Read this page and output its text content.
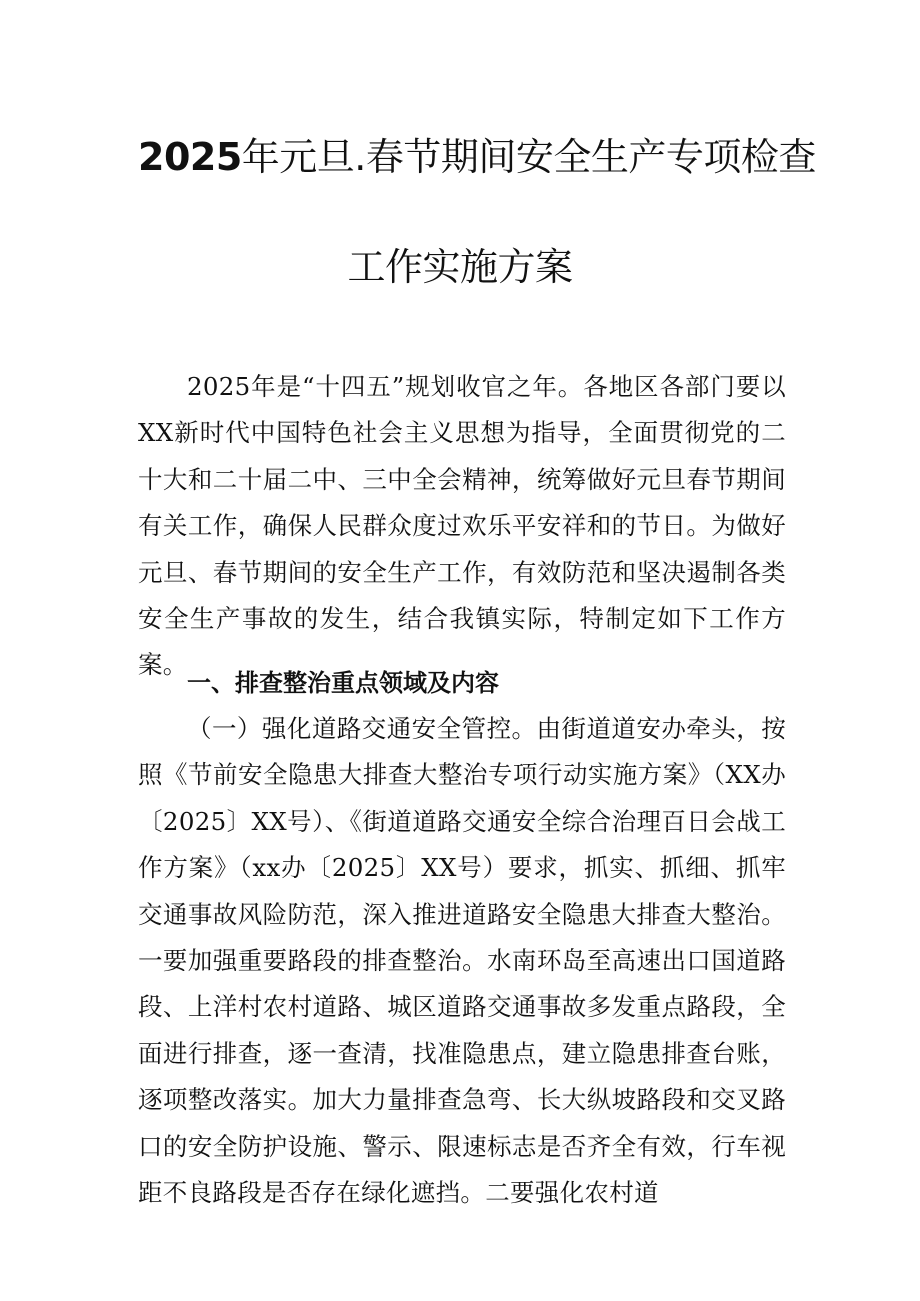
2025年元旦.春节期间安全生产专项检查
工作实施方案

2025年是“十四五”规划收官之年。各地区各部门要以XX新时代中国特色社会主义思想为指导，全面贯彻党的二十大和二十届二中、三中全会精神，统筹做好元旦春节期间有关工作，确保人民群众度过欢乐平安祥和的节日。为做好元旦、春节期间的安全生产工作，有效防范和坚决遏制各类安全生产事故的发生，结合我镇实际，特制定如下工作方案。

一、排查整治重点领域及内容

（一）强化道路交通安全管控。由街道道安办牵头，按照《节前安全隐患大排查大整治专项行动实施方案》（XX办〔2025〕XX号）、《街道道路交通安全综合治理百日会战工作方案》（xx办〔2025〕XX号）要求，抓实、抓细、抓牢交通事故风险防范，深入推进道路安全隐患大排查大整治。一要加强重要路段的排查整治。水南环岛至高速出口国道路段、上洋村农村道路、城区道路交通事故多发重点路段，全面进行排查，逐一查清，找准隐患点，建立隐患排查台账，逐项整改落实。加大力量排查急弯、长大纵坡路段和交叉路口的安全防护设施、警示、限速标志是否齐全有效，行车视距不良路段是否存在绿化遮挡。二要强化农村道
